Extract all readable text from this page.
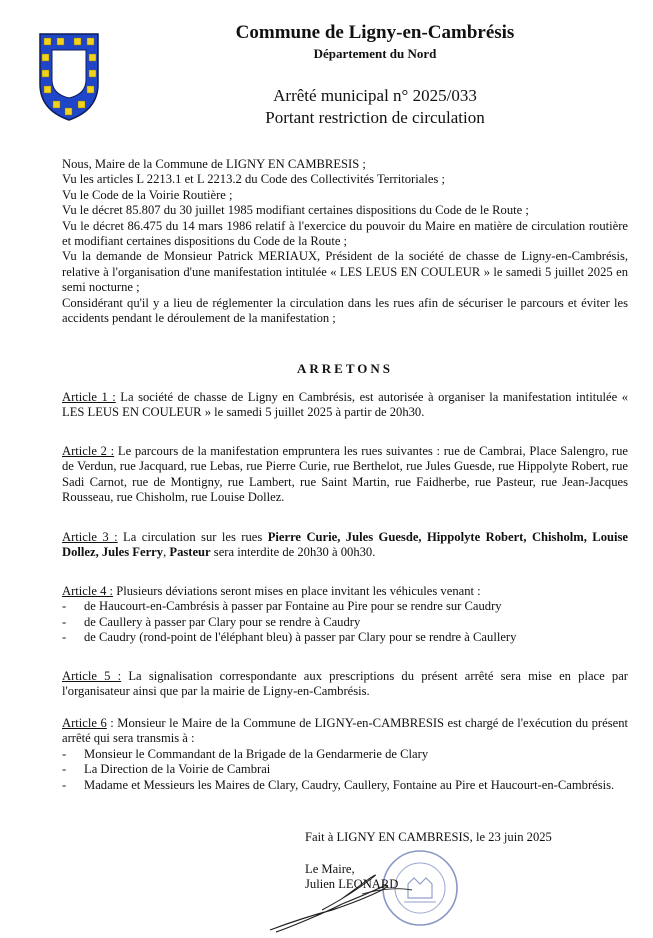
Commune de Ligny-en-Cambrésis
Département du Nord
Arrêté municipal n° 2025/033
Portant restriction de circulation
Nous, Maire de la Commune de LIGNY EN CAMBRESIS ;
Vu les articles L 2213.1 et L 2213.2 du Code des Collectivités Territoriales ;
Vu le Code de la Voirie Routière ;
Vu le décret 85.807 du 30 juillet 1985 modifiant certaines dispositions du Code de le Route ;
Vu le décret 86.475 du 14 mars 1986 relatif à l'exercice du pouvoir du Maire en matière de circulation routière et modifiant certaines dispositions du Code de la Route ;
Vu la demande de Monsieur Patrick MERIAUX, Président de la société de chasse de Ligny-en-Cambrésis, relative à l'organisation d'une manifestation intitulée « LES LEUS EN COULEUR » le samedi 5 juillet 2025 en semi nocturne ;
Considérant qu'il y a lieu de réglementer la circulation dans les rues afin de sécuriser le parcours et éviter les accidents pendant le déroulement de la manifestation ;
ARRETONS
Article 1 : La société de chasse de Ligny en Cambrésis, est autorisée à organiser la manifestation intitulée « LES LEUS EN COULEUR » le samedi 5 juillet 2025 à partir de 20h30.
Article 2 : Le parcours de la manifestation empruntera les rues suivantes : rue de Cambrai, Place Salengro, rue de Verdun, rue Jacquard, rue Lebas, rue Pierre Curie, rue Berthelot, rue Jules Guesde, rue Hippolyte Robert, rue Sadi Carnot, rue de Montigny, rue Lambert, rue Saint Martin, rue Faidherbe, rue Pasteur, rue Jean-Jacques Rousseau, rue Chisholm, rue Louise Dollez.
Article 3 : La circulation sur les rues Pierre Curie, Jules Guesde, Hippolyte Robert, Chisholm, Louise Dollez, Jules Ferry, Pasteur sera interdite de 20h30 à 00h30.
Article 4 : Plusieurs déviations seront mises en place invitant les véhicules venant :
- de Haucourt-en-Cambrésis à passer par Fontaine au Pire pour se rendre sur Caudry
- de Caullery à passer par Clary pour se rendre à Caudry
- de Caudry (rond-point de l'éléphant bleu) à passer par Clary pour se rendre à Caullery
Article 5 : La signalisation correspondante aux prescriptions du présent arrêté sera mise en place par l'organisateur ainsi que par la mairie de Ligny-en-Cambrésis.
Article 6 : Monsieur le Maire de la Commune de LIGNY-en-CAMBRESIS est chargé de l'exécution du présent arrêté qui sera transmis à :
- Monsieur le Commandant de la Brigade de la Gendarmerie de Clary
- La Direction de la Voirie de Cambrai
- Madame et Messieurs les Maires de Clary, Caudry, Caullery, Fontaine au Pire et Haucourt-en-Cambrésis.
Fait à LIGNY EN CAMBRESIS, le 23 juin 2025
Le Maire,
Julien LEONARD
